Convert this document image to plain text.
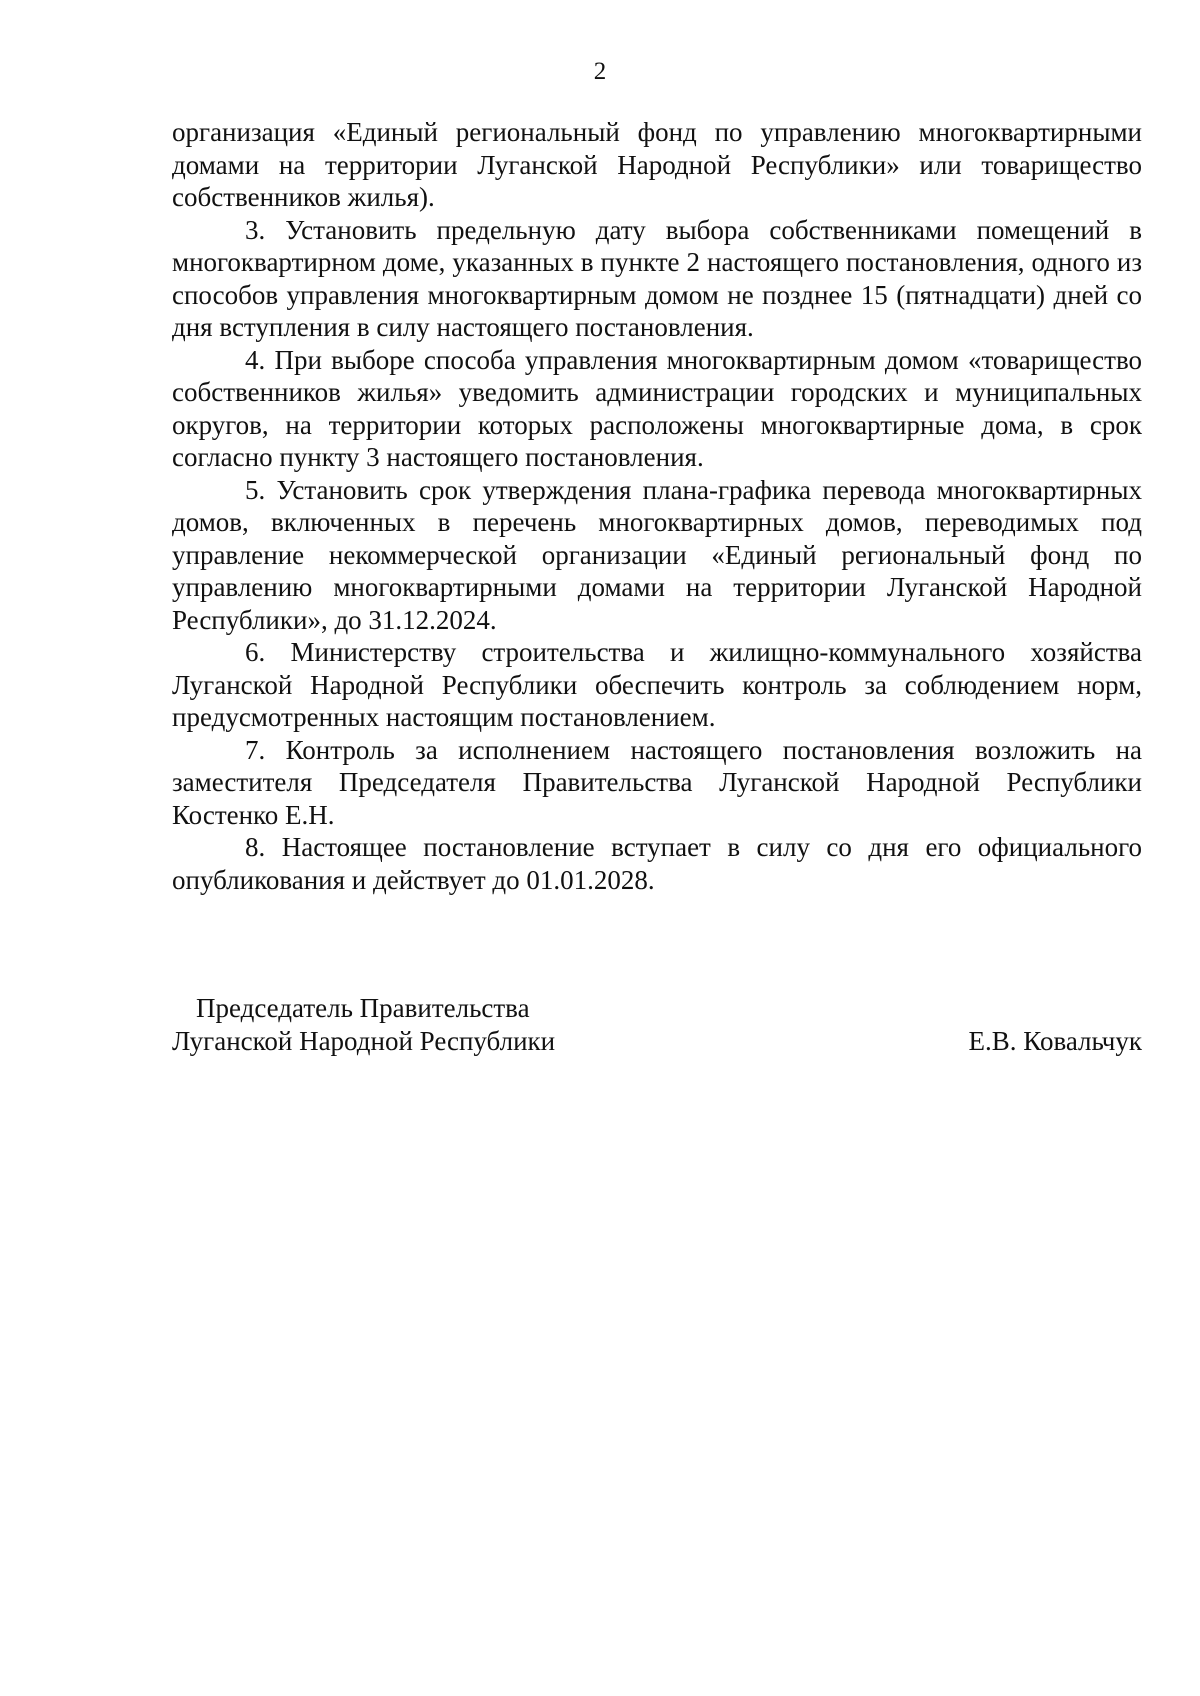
2

организация «Единый региональный фонд по управлению многоквартирными домами на территории Луганской Народной Республики» или товарищество собственников жилья).

3. Установить предельную дату выбора собственниками помещений в многоквартирном доме, указанных в пункте 2 настоящего постановления, одного из способов управления многоквартирным домом не позднее 15 (пятнадцати) дней со дня вступления в силу настоящего постановления.

4. При выборе способа управления многоквартирным домом «товарищество собственников жилья» уведомить администрации городских и муниципальных округов, на территории которых расположены многоквартирные дома, в срок согласно пункту 3 настоящего постановления.

5. Установить срок утверждения плана-графика перевода многоквартирных домов, включенных в перечень многоквартирных домов, переводимых под управление некоммерческой организации «Единый региональный фонд по управлению многоквартирными домами на территории Луганской Народной Республики», до 31.12.2024.

6. Министерству строительства и жилищно-коммунального хозяйства Луганской Народной Республики обеспечить контроль за соблюдением норм, предусмотренных настоящим постановлением.

7. Контроль за исполнением настоящего постановления возложить на заместителя Председателя Правительства Луганской Народной Республики Костенко Е.Н.

8. Настоящее постановление вступает в силу со дня его официального опубликования и действует до 01.01.2028.

Председатель Правительства
Луганской Народной Республики	Е.В. Ковальчук
